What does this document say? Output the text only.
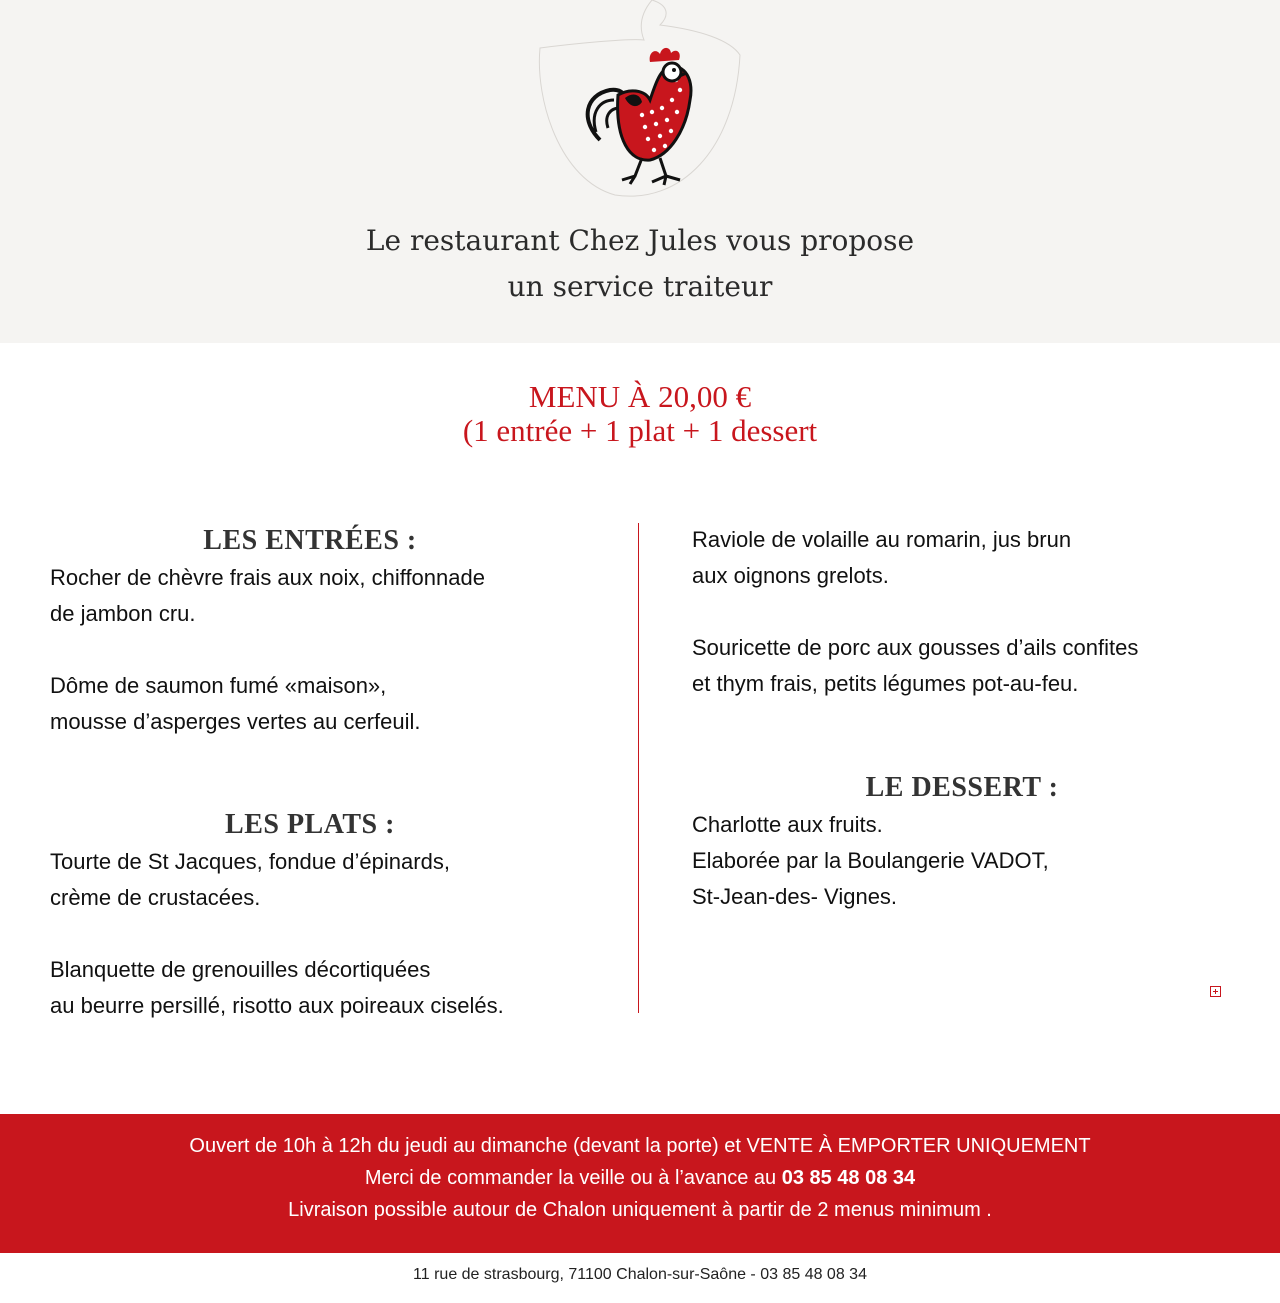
Le restaurant Chez Jules vous propose
un service traiteur
MENU À 20,00 €
(1 entrée + 1 plat + 1 dessert
LES ENTRÉES :

Rocher de chèvre frais aux noix, chiffonnade

de jambon cru.

Dôme de saumon fumé «maison»,

mousse d’asperges vertes au cerfeuil.

LES PLATS :

Tourte de St Jacques, fondue d’épinards,

crème de crustacées.

Blanquette de grenouilles décortiquées

au beurre persillé, risotto aux poireaux ciselés.

Raviole de volaille au romarin, jus brun

aux oignons grelots.

Souricette de porc aux gousses d’ails confites

et thym frais, petits légumes pot-au-feu.

LE DESSERT :

Charlotte aux fruits.

Elaborée par la Boulangerie VADOT,

St-Jean-des- Vignes.

Ouvert de 10h à 12h du jeudi au dimanche (devant la porte) et VENTE À EMPORTER UNIQUEMENT

Merci de commander la veille ou à l’avance au 03 85 48 08 34

Livraison possible autour de Chalon uniquement à partir de 2 menus minimum .

11 rue de strasbourg, 71100 Chalon-sur-Saône - 03 85 48 08 34
